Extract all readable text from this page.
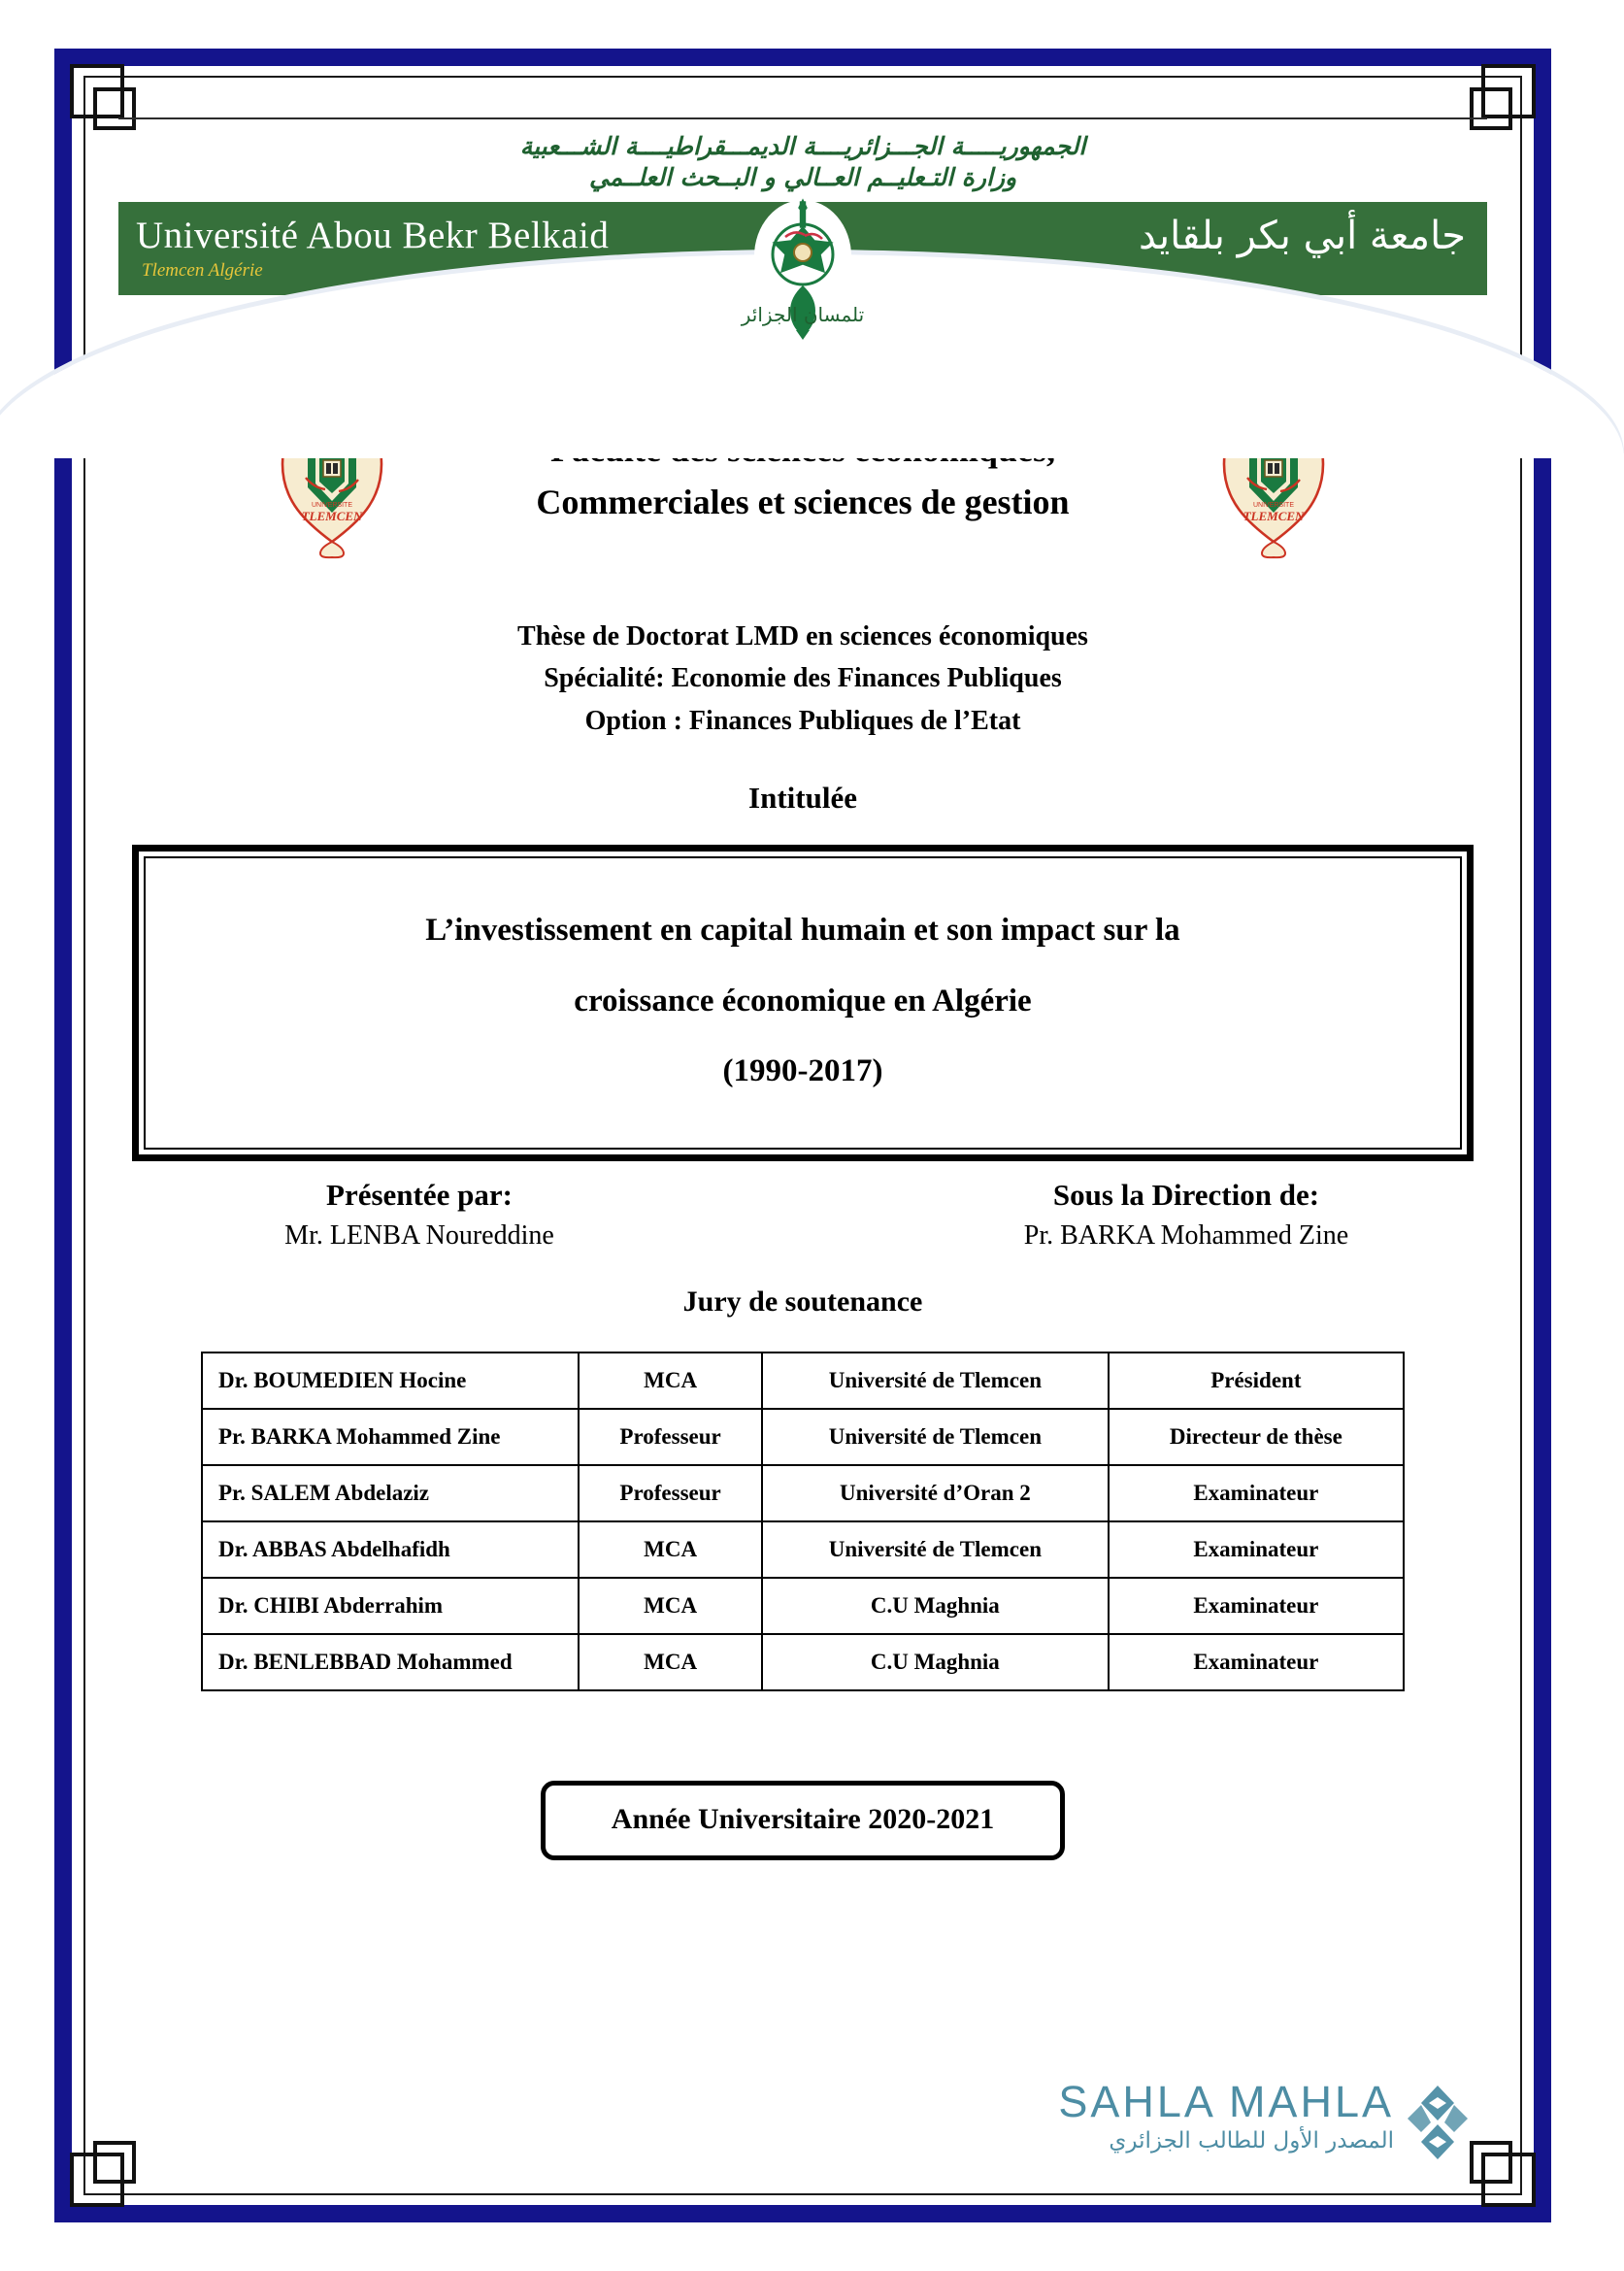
الجمهوريـــــة الجـــزائريــــة الديمـــقراطيــــة الشـــعبية
وزارة التـعليــم العــالي و البــحث العلــمي
Université Abou Bekr Belkaid
Tlemcen Algérie
جامعة أبي بكر بلقايد
تلمسان الجزائر
UNIVERSITE
TLEMCEN	Commerciales et sciences de gestion	UNIVERSITE
TLEMCEN
Thèse de Doctorat LMD en sciences économiques
Spécialité: Economie des Finances Publiques
Option : Finances Publiques de l’Etat
Intitulée
L’investissement en capital humain et son impact sur la
croissance économique en Algérie
(1990-2017)
Présentée par:
Mr. LENBA Noureddine
Sous la Direction de:
Pr. BARKA Mohammed Zine
Jury de soutenance
Dr. BOUMEDIEN Hocine	MCA	Université de Tlemcen	Président
Pr. BARKA Mohammed Zine	Professeur	Université de Tlemcen	Directeur de thèse
Pr. SALEM Abdelaziz	Professeur	Université d’Oran 2	Examinateur
Dr. ABBAS Abdelhafidh	MCA	Université de Tlemcen	Examinateur
Dr. CHIBI Abderrahim	MCA	C.U Maghnia	Examinateur
Dr. BENLEBBAD Mohammed	MCA	C.U Maghnia	Examinateur
Année Universitaire 2020-2021
SAHLA MAHLA
المصدر الأول للطالب الجزائري
